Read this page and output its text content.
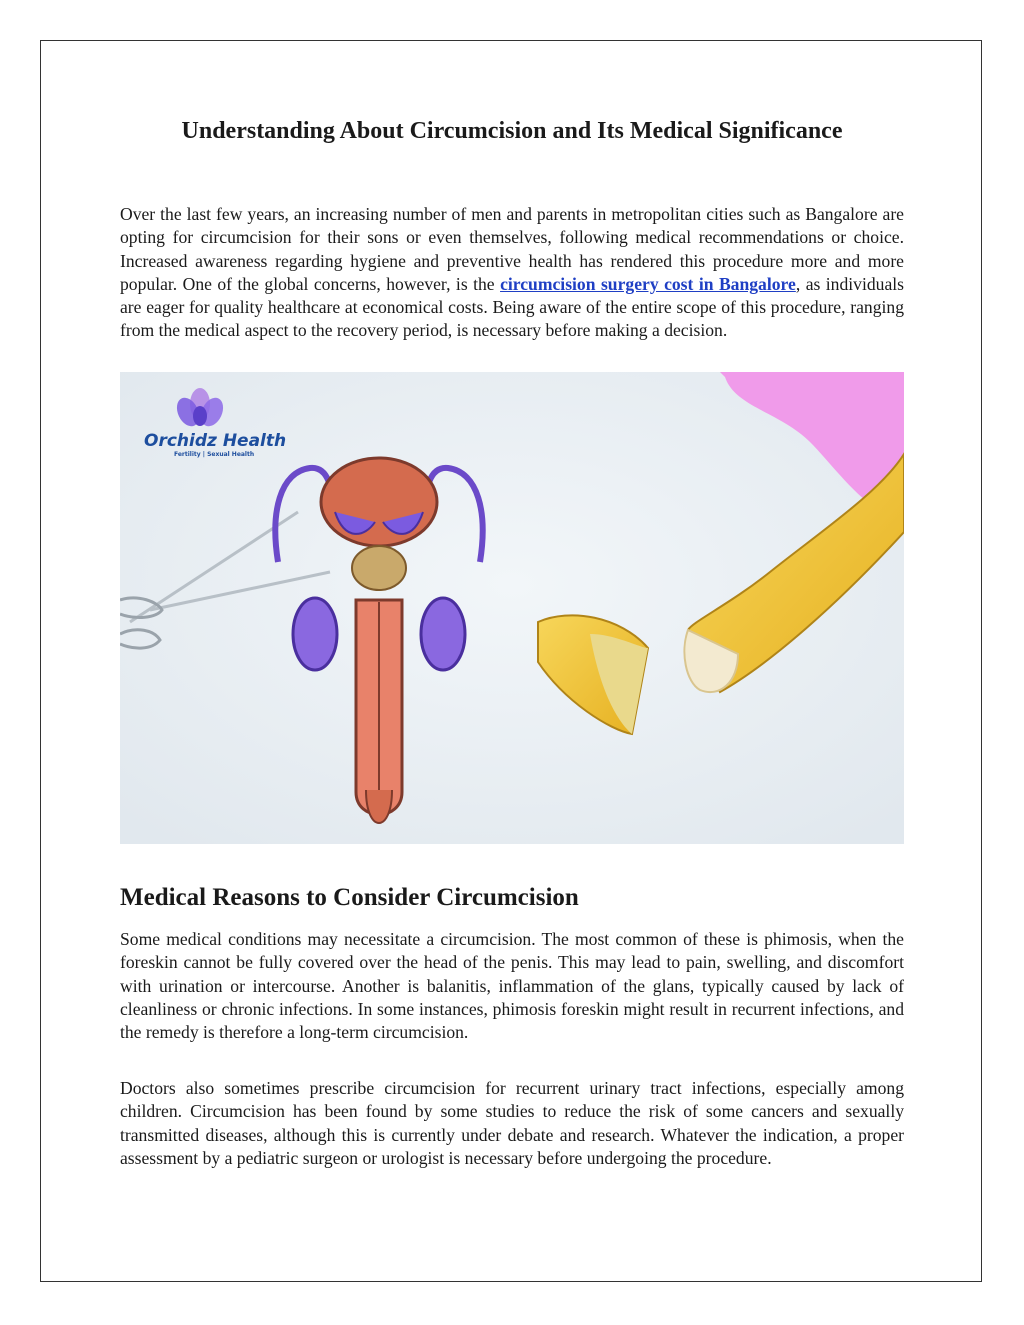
Understanding About Circumcision and Its Medical Significance

Over the last few years, an increasing number of men and parents in metropolitan cities such as Bangalore are opting for circumcision for their sons or even themselves, following medical recommendations or choice. Increased awareness regarding hygiene and preventive health has rendered this procedure more and more popular. One of the global concerns, however, is the circumcision surgery cost in Bangalore, as individuals are eager for quality healthcare at economical costs. Being aware of the entire scope of this procedure, ranging from the medical aspect to the recovery period, is necessary before making a decision.

Orchidz Health
Fertility | Sexual Health
Medical Reasons to Consider Circumcision

Some medical conditions may necessitate a circumcision. The most common of these is phimosis, when the foreskin cannot be fully covered over the head of the penis. This may lead to pain, swelling, and discomfort with urination or intercourse. Another is balanitis, inflammation of the glans, typically caused by lack of cleanliness or chronic infections. In some instances, phimosis foreskin might result in recurrent infections, and the remedy is therefore a long-term circumcision.

Doctors also sometimes prescribe circumcision for recurrent urinary tract infections, especially among children. Circumcision has been found by some studies to reduce the risk of some cancers and sexually transmitted diseases, although this is currently under debate and research. Whatever the indication, a proper assessment by a pediatric surgeon or urologist is necessary before undergoing the procedure.
